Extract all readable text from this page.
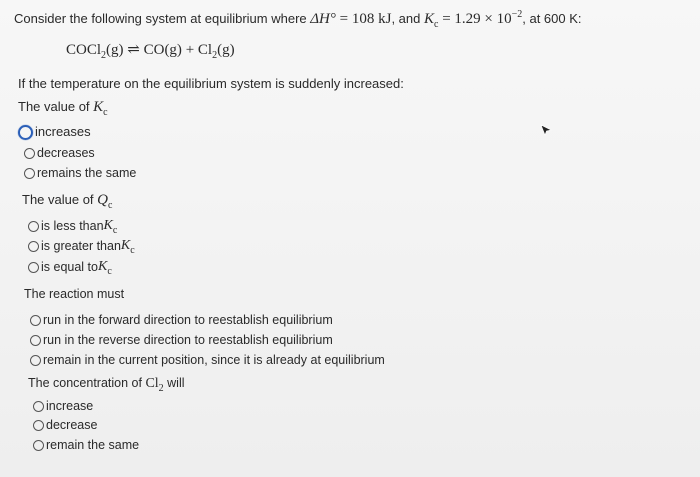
Consider the following system at equilibrium where ΔH° = 108 kJ, and $K_c = 1.29 \times 10^{-2}$, at 600 K:
COCl$_2$(g) ⇌ $CO(g) + Cl_2(g)$
If the temperature on the equilibrium system is suddenly increased:
The value of $K_c$
increases
decreases
remains the same
The value of $Q_c$
is less than $K_c$
is greater than $K_c$
is equal to $K_c$
The reaction must
run in the forward direction to reestablish equilibrium
run in the reverse direction to reestablish equilibrium
remain in the current position, since it is already at equilibrium
The concentration of $Cl_2$ will
increase
decrease
remain the same
